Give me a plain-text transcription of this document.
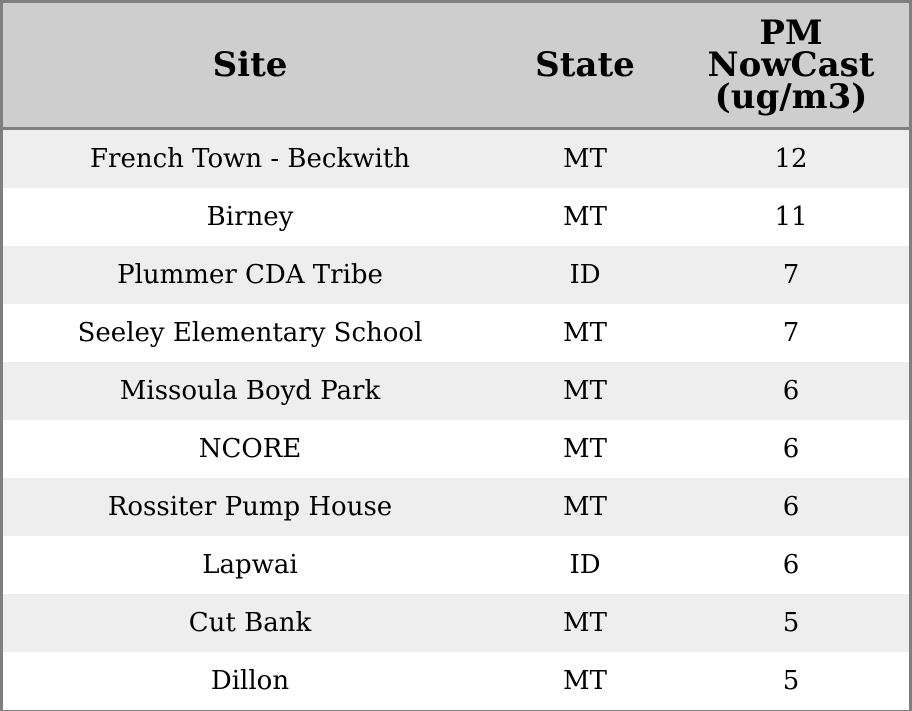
Site	State	PM
NowCast
(ug/m3)

French Town - Beckwith	MT	12
Birney	MT	11
Plummer CDA Tribe	ID	7
Seeley Elementary School	MT	7
Missoula Boyd Park	MT	6
NCORE	MT	6
Rossiter Pump House	MT	6
Lapwai	ID	6
Cut Bank	MT	5
Dillon	MT	5
